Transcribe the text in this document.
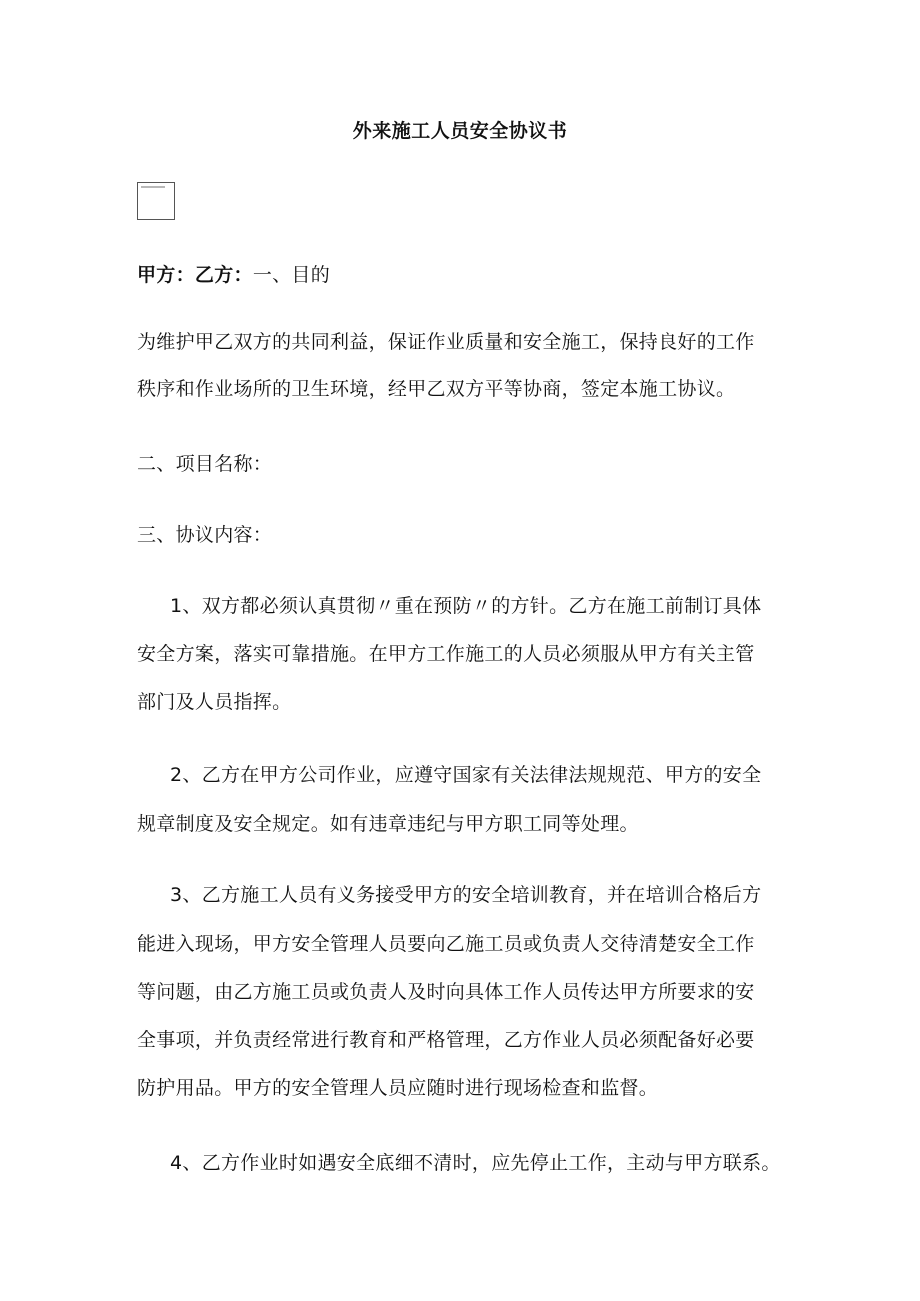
外来施工人员安全协议书
甲方：乙方：一、目的
为维护甲乙双方的共同利益，保证作业质量和安全施工，保持良好的工作
秩序和作业场所的卫生环境，经甲乙双方平等协商，签定本施工协议。
二、项目名称：
三、协议内容：
1、双方都必须认真贯彻〃重在预防〃的方针。乙方在施工前制订具体
安全方案，落实可靠措施。在甲方工作施工的人员必须服从甲方有关主管
部门及人员指挥。
2、乙方在甲方公司作业，应遵守国家有关法律法规规范、甲方的安全
规章制度及安全规定。如有违章违纪与甲方职工同等处理。
3、乙方施工人员有义务接受甲方的安全培训教育，并在培训合格后方
能进入现场，甲方安全管理人员要向乙施工员或负责人交待清楚安全工作
等问题，由乙方施工员或负责人及时向具体工作人员传达甲方所要求的安
全事项，并负责经常进行教育和严格管理，乙方作业人员必须配备好必要
防护用品。甲方的安全管理人员应随时进行现场检查和监督。
4、乙方作业时如遇安全底细不清时，应先停止工作，主动与甲方联系。
